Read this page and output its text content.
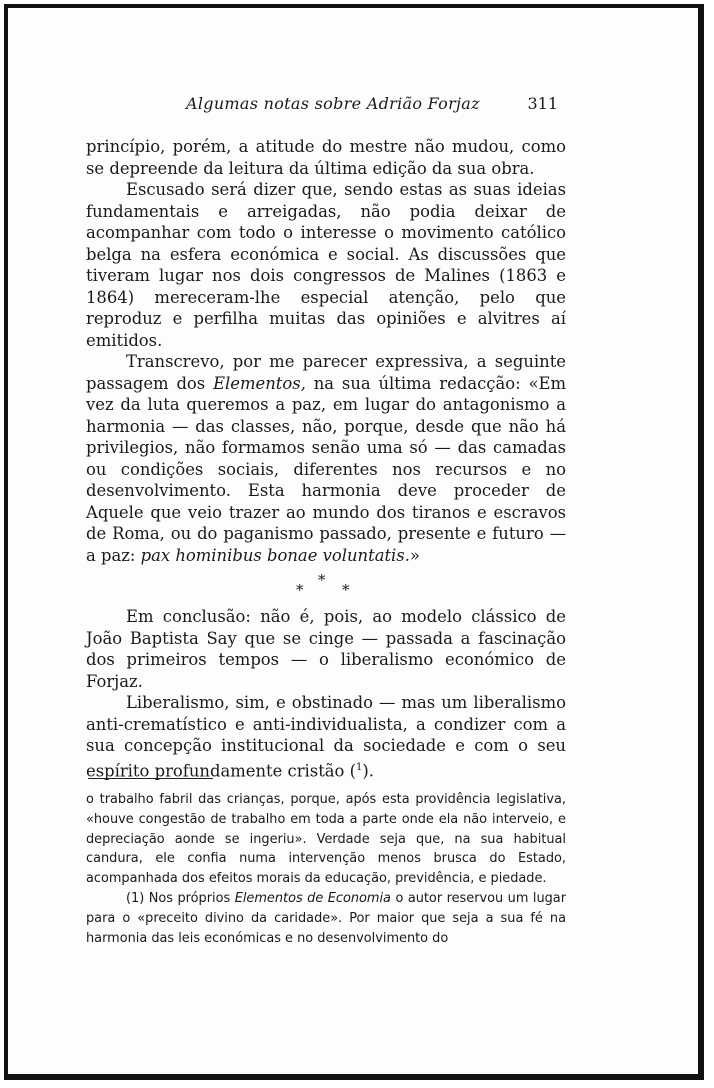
Algumas notas sobre Adrião Forjaz	311

princípio, porém, a atitude do mestre não mudou, como se depreende da leitura da última edição da sua obra.

Escusado será dizer que, sendo estas as suas ideias fundamentais e arreigadas, não podia deixar de acompanhar com todo o interesse o movimento católico belga na esfera económica e social. As discussões que tiveram lugar nos dois congressos de Malines (1863 e 1864) mereceram-lhe especial atenção, pelo que reproduz e perfilha muitas das opiniões e alvitres aí emitidos.

Transcrevo, por me parecer expressiva, a seguinte passagem dos Elementos, na sua última redacção: «Em vez da luta queremos a paz, em lugar do antagonismo a harmonia — das classes, não, porque, desde que não há privilegios, não formamos senão uma só — das camadas ou condições sociais, diferentes nos recursos e no desenvolvimento. Esta harmonia deve proceder de Aquele que veio trazer ao mundo dos tiranos e escravos de Roma, ou do paganismo passado, presente e futuro — a paz: pax hominibus bonae voluntatis.»

*
*	*

Em conclusão: não é, pois, ao modelo clássico de João Baptista Say que se cinge — passada a fascinação dos primeiros tempos — o liberalismo económico de Forjaz.

Liberalismo, sim, e obstinado — mas um liberalismo anti-crematístico e anti-individualista, a condizer com a sua concepção institucional da sociedade e com o seu espírito profundamente cristão ($^1$).

o trabalho fabril das crianças, porque, após esta providência legislativa, «houve congestão de trabalho em toda a parte onde ela não interveio, e depreciação aonde se ingeriu». Verdade seja que, na sua habitual candura, ele confia numa intervenção menos brusca do Estado, acompanhada dos efeitos morais da educação, previdência, e piedade.

(1) Nos próprios Elementos de Economia o autor reservou um lugar para o «preceito divino da caridade». Por maior que seja a sua fé na harmonia das leis económicas e no desenvolvimento do
